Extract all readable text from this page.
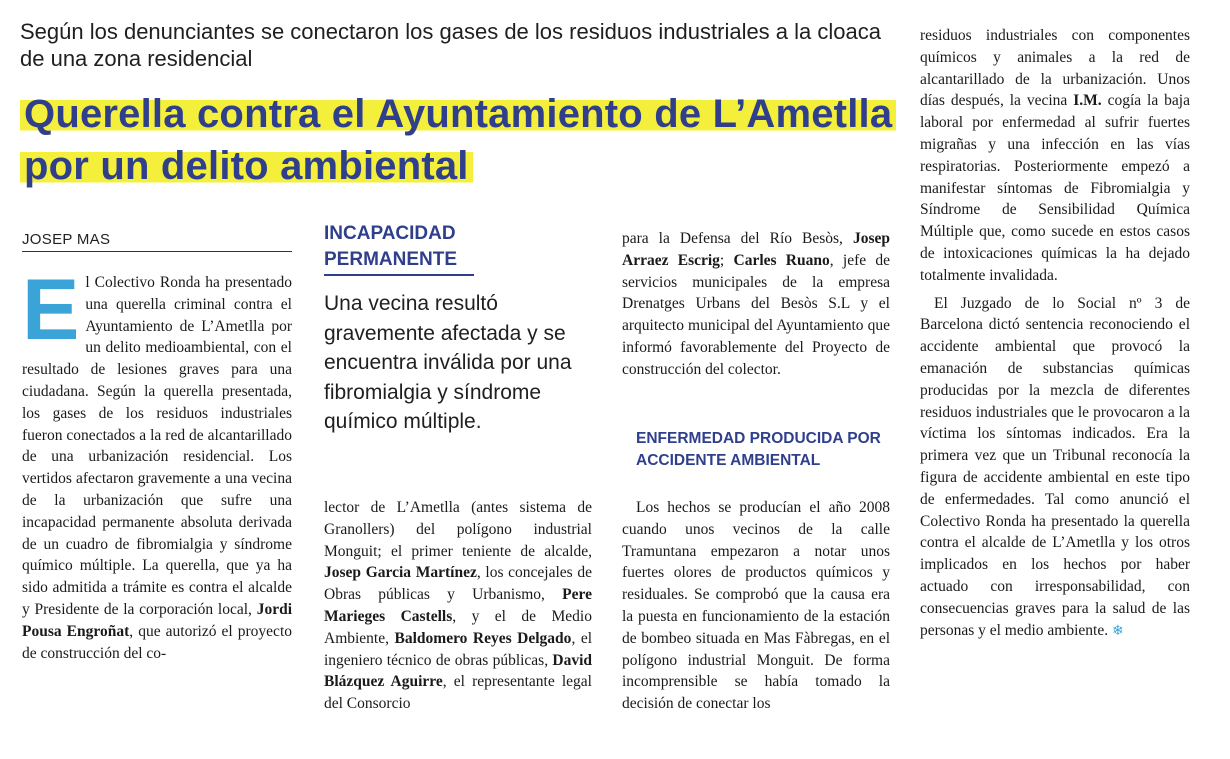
Según los denunciantes se conectaron los gases de los residuos industriales a la cloaca de una zona residencial
Querella contra el Ayuntamiento de L’Ametlla por un delito ambiental
JOSEP MAS

El Colectivo Ronda ha presentado una querella criminal contra el Ayuntamiento de L’Ametlla por un delito medioambiental, con el resultado de lesiones graves para una ciudadana. Según la querella presentada, los gases de los residuos industriales fueron conectados a la red de alcantarillado de una urbanización residencial. Los vertidos afectaron gravemente a una vecina de la urbanización que sufre una incapacidad permanente absoluta derivada de un cuadro de fibromialgia y síndrome químico múltiple. La querella, que ya ha sido admitida a trámite es contra el alcalde y Presidente de la corporación local, Jordi Pousa Engroñat, que autorizó el proyecto de construcción del co-

INCAPACIDAD PERMANENTE

Una vecina resultó gravemente afectada y se encuentra inválida por una fibromialgia y síndrome químico múltiple.

lector de L’Ametlla (antes sistema de Granollers) del polígono industrial Monguit; el primer teniente de alcalde, Josep Garcia Martínez, los concejales de Obras públicas y Urbanismo, Pere Marieges Castells, y el de Medio Ambiente, Baldomero Reyes Delgado, el ingeniero técnico de obras públicas, David Blázquez Aguirre, el representante legal del Consorcio

para la Defensa del Río Besòs, Josep Arraez Escrig; Carles Ruano, jefe de servicios municipales de la empresa Drenatges Urbans del Besòs S.L y el arquitecto municipal del Ayuntamiento que informó favorablemente del Proyecto de construcción del colector.

ENFERMEDAD PRODUCIDA POR ACCIDENTE AMBIENTAL

Los hechos se producían el año 2008 cuando unos vecinos de la calle Tramuntana empezaron a notar unos fuertes olores de productos químicos y residuales. Se comprobó que la causa era la puesta en funcionamiento de la estación de bombeo situada en Mas Fàbregas, en el polígono industrial Monguit. De forma incomprensible se había tomado la decisión de conectar los

residuos industriales con componentes químicos y animales a la red de alcantarillado de la urbanización. Unos días después, la vecina I.M. cogía la baja laboral por enfermedad al sufrir fuertes migrañas y una infección en las vías respiratorias. Posteriormente empezó a manifestar síntomas de Fibromialgia y Síndrome de Sensibilidad Química Múltiple que, como sucede en estos casos de intoxicaciones químicas la ha dejado totalmente invalidada.

El Juzgado de lo Social nº 3 de Barcelona dictó sentencia reconociendo el accidente ambiental que provocó la emanación de substancias químicas producidas por la mezcla de diferentes residuos industriales que le provocaron a la víctima los síntomas indicados. Era la primera vez que un Tribunal reconocía la figura de accidente ambiental en este tipo de enfermedades. Tal como anunció el Colectivo Ronda ha presentado la querella contra el alcalde de L’Ametlla y los otros implicados en los hechos por haber actuado con irresponsabilidad, con consecuencias graves para la salud de las personas y el medio ambiente. ❄
